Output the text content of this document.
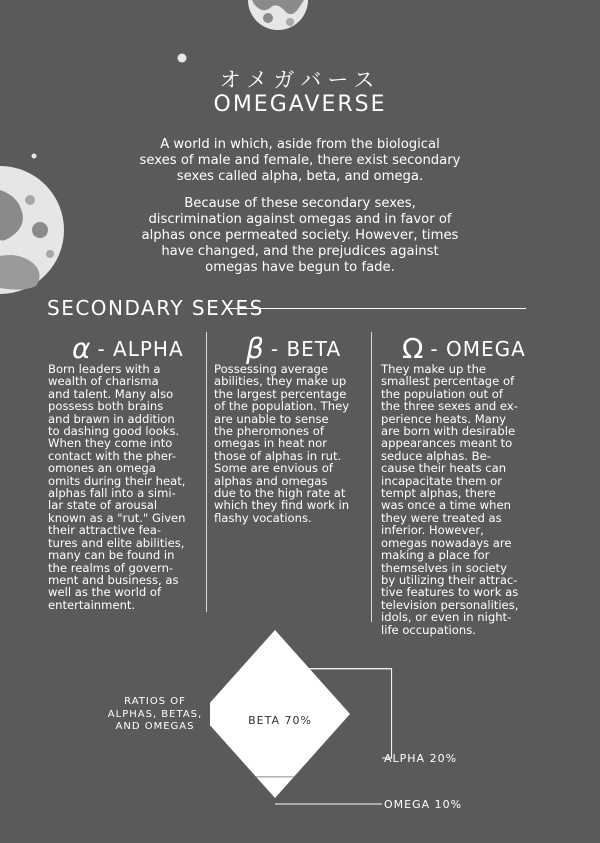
オメガバース
OMEGAVERSE

A world in which, aside from the biological

sexes of male and female, there exist secondary

sexes called alpha, beta, and omega.

Because of these secondary sexes,

discrimination against omegas and in favor of

alphas once permeated society. However, times

have changed, and the prejudices against

omegas have begun to fade.

SECONDARY SEXES
α - ALPHA β - BETA Ω - OMEGA

Born leaders with a

wealth of charisma

and talent. Many also

possess both brains

and brawn in addition

to dashing good looks.

When they come into

contact with the pher-

omones an omega

omits during their heat,

alphas fall into a simi-

lar state of arousal

known as a "rut." Given

their attractive fea-

tures and elite abilities,

many can be found in

the realms of govern-

ment and business, as

well as the world of

entertainment.

Possessing average

abilities, they make up

the largest percentage

of the population. They

are unable to sense

the pheromones of

omegas in heat nor

those of alphas in rut.

Some are envious of

alphas and omegas

due to the high rate at

which they find work in

flashy vocations.

They make up the

smallest percentage of

the population out of

the three sexes and ex-

perience heats. Many

are born with desirable

appearances meant to

seduce alphas. Be-

cause their heats can

incapacitate them or

tempt alphas, there

was once a time when

they were treated as

inferior. However,

omegas nowadays are

making a place for

themselves in society

by utilizing their attrac-

tive features to work as

television personalities,

idols, or even in night-

life occupations.

RATIOS OF
ALPHAS, BETAS,
AND OMEGAS	BETA 70%
ALPHA 20%
OMEGA 10%
